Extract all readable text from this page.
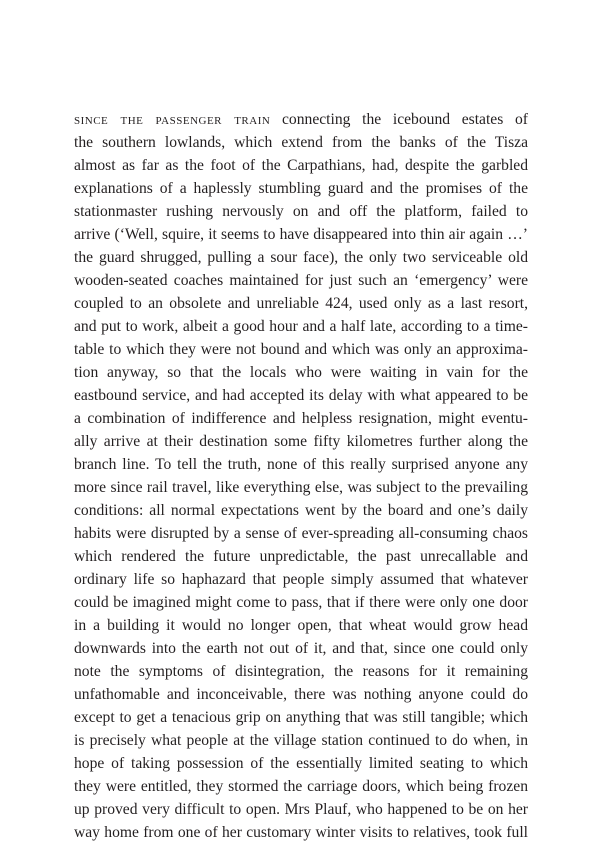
since the passenger train connecting the icebound estates of
the southern lowlands, which extend from the banks of the Tisza
almost as far as the foot of the Carpathians, had, despite the garbled
explanations of a haplessly stumbling guard and the promises of the
stationmaster rushing nervously on and off the platform, failed to
arrive (‘Well, squire, it seems to have disappeared into thin air again …’
the guard shrugged, pulling a sour face), the only two serviceable old
wooden-seated coaches maintained for just such an ‘emergency’ were
coupled to an obsolete and unreliable 424, used only as a last resort,
and put to work, albeit a good hour and a half late, according to a time-
table to which they were not bound and which was only an approxima-
tion anyway, so that the locals who were waiting in vain for the
eastbound service, and had accepted its delay with what appeared to be
a combination of indifference and helpless resignation, might eventu-
ally arrive at their destination some fifty kilometres further along the
branch line. To tell the truth, none of this really surprised anyone any
more since rail travel, like everything else, was subject to the prevailing
conditions: all normal expectations went by the board and one’s daily
habits were disrupted by a sense of ever-spreading all-consuming chaos
which rendered the future unpredictable, the past unrecallable and
ordinary life so haphazard that people simply assumed that whatever
could be imagined might come to pass, that if there were only one door
in a building it would no longer open, that wheat would grow head
downwards into the earth not out of it, and that, since one could only
note the symptoms of disintegration, the reasons for it remaining
unfathomable and inconceivable, there was nothing anyone could do
except to get a tenacious grip on anything that was still tangible; which
is precisely what people at the village station continued to do when, in
hope of taking possession of the essentially limited seating to which
they were entitled, they stormed the carriage doors, which being frozen
up proved very difficult to open. Mrs Plauf, who happened to be on her
way home from one of her customary winter visits to relatives, took full
